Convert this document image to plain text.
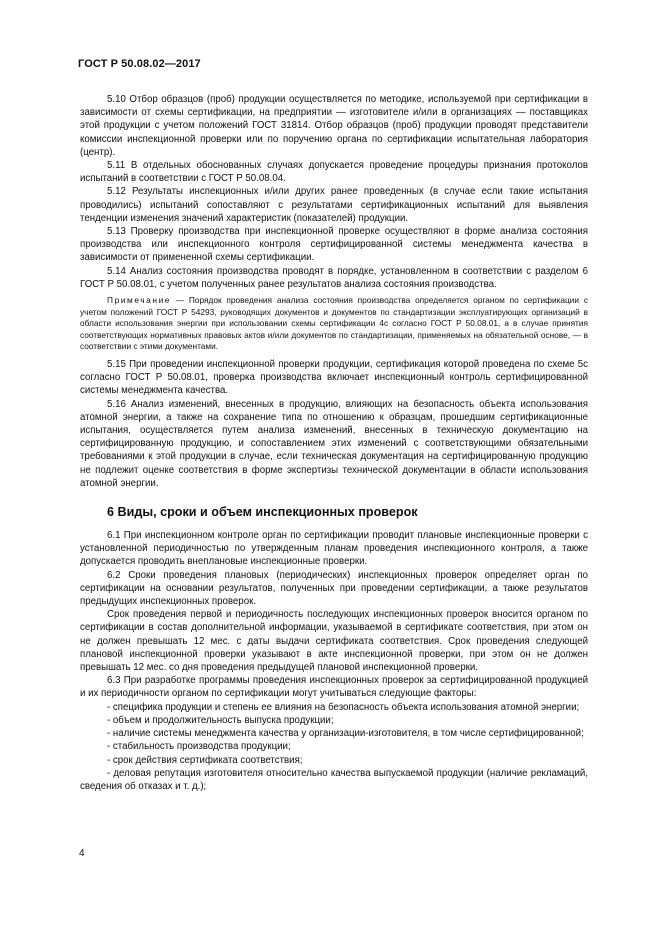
ГОСТ Р 50.08.02—2017

5.10 Отбор образцов (проб) продукции осуществляется по методике, используемой при сертификации в зависимости от схемы сертификации, на предприятии — изготовителе и/или в организациях — поставщиках этой продукции с учетом положений ГОСТ 31814. Отбор образцов (проб) продукции проводят представители комиссии инспекционной проверки или по поручению органа по сертификации испытательная лаборатория (центр).

5.11 В отдельных обоснованных случаях допускается проведение процедуры признания протоколов испытаний в соответствии с ГОСТ Р 50.08.04.

5.12 Результаты инспекционных и/или других ранее проведенных (в случае если такие испытания проводились) испытаний сопоставляют с результатами сертификационных испытаний для выявления тенденции изменения значений характеристик (показателей) продукции.

5.13 Проверку производства при инспекционной проверке осуществляют в форме анализа состояния производства или инспекционного контроля сертифицированной системы менеджмента качества в зависимости от примененной схемы сертификации.

5.14 Анализ состояния производства проводят в порядке, установленном в соответствии с разделом 6 ГОСТ Р 50.08.01, с учетом полученных ранее результатов анализа состояния производства.

Примечание — Порядок проведения анализа состояния производства определяется органом по сертификации с учетом положений ГОСТ Р 54293, руководящих документов и документов по стандартизации эксплуатирующих организаций в области использования энергии при использовании схемы сертификации 4с согласно ГОСТ Р 50.08.01, а в случае принятия соответствующих нормативных правовых актов и/или документов по стандартизации, применяемых на обязательной основе, — в соответствии с этими документами.

5.15 При проведении инспекционной проверки продукции, сертификация которой проведена по схеме 5с согласно ГОСТ Р 50.08.01, проверка производства включает инспекционный контроль сертифицированной системы менеджмента качества.

5.16 Анализ изменений, внесенных в продукцию, влияющих на безопасность объекта использования атомной энергии, а также на сохранение типа по отношению к образцам, прошедшим сертификационные испытания, осуществляется путем анализа изменений, внесенных в техническую документацию на сертифицированную продукцию, и сопоставлением этих изменений с соответствующими обязательными требованиями к этой продукции в случае, если техническая документация на сертифицированную продукцию не подлежит оценке соответствия в форме экспертизы технической документации в области использования атомной энергии.

6 Виды, сроки и объем инспекционных проверок

6.1 При инспекционном контроле орган по сертификации проводит плановые инспекционные проверки с установленной периодичностью по утвержденным планам проведения инспекционного контроля, а также допускается проводить внеплановые инспекционные проверки.

6.2 Сроки проведения плановых (периодических) инспекционных проверок определяет орган по сертификации на основании результатов, полученных при проведении сертификации, а также результатов предыдущих инспекционных проверок.

Срок проведения первой и периодичность последующих инспекционных проверок вносится органом по сертификации в состав дополнительной информации, указываемой в сертификате соответствия, при этом он не должен превышать 12 мес. с даты выдачи сертификата соответствия. Срок проведения следующей плановой инспекционной проверки указывают в акте инспекционной проверки, при этом он не должен превышать 12 мес. со дня проведения предыдущей плановой инспекционной проверки.

6.3 При разработке программы проведения инспекционных проверок за сертифицированной продукцией и их периодичности органом по сертификации могут учитываться следующие факторы:

- специфика продукции и степень ее влияния на безопасность объекта использования атомной энергии;

- объем и продолжительность выпуска продукции;

- наличие системы менеджмента качества у организации-изготовителя, в том числе сертифицированной;

- стабильность производства продукции;

- срок действия сертификата соответствия;

- деловая репутация изготовителя относительно качества выпускаемой продукции (наличие рекламаций, сведения об отказах и т. д.);

4
